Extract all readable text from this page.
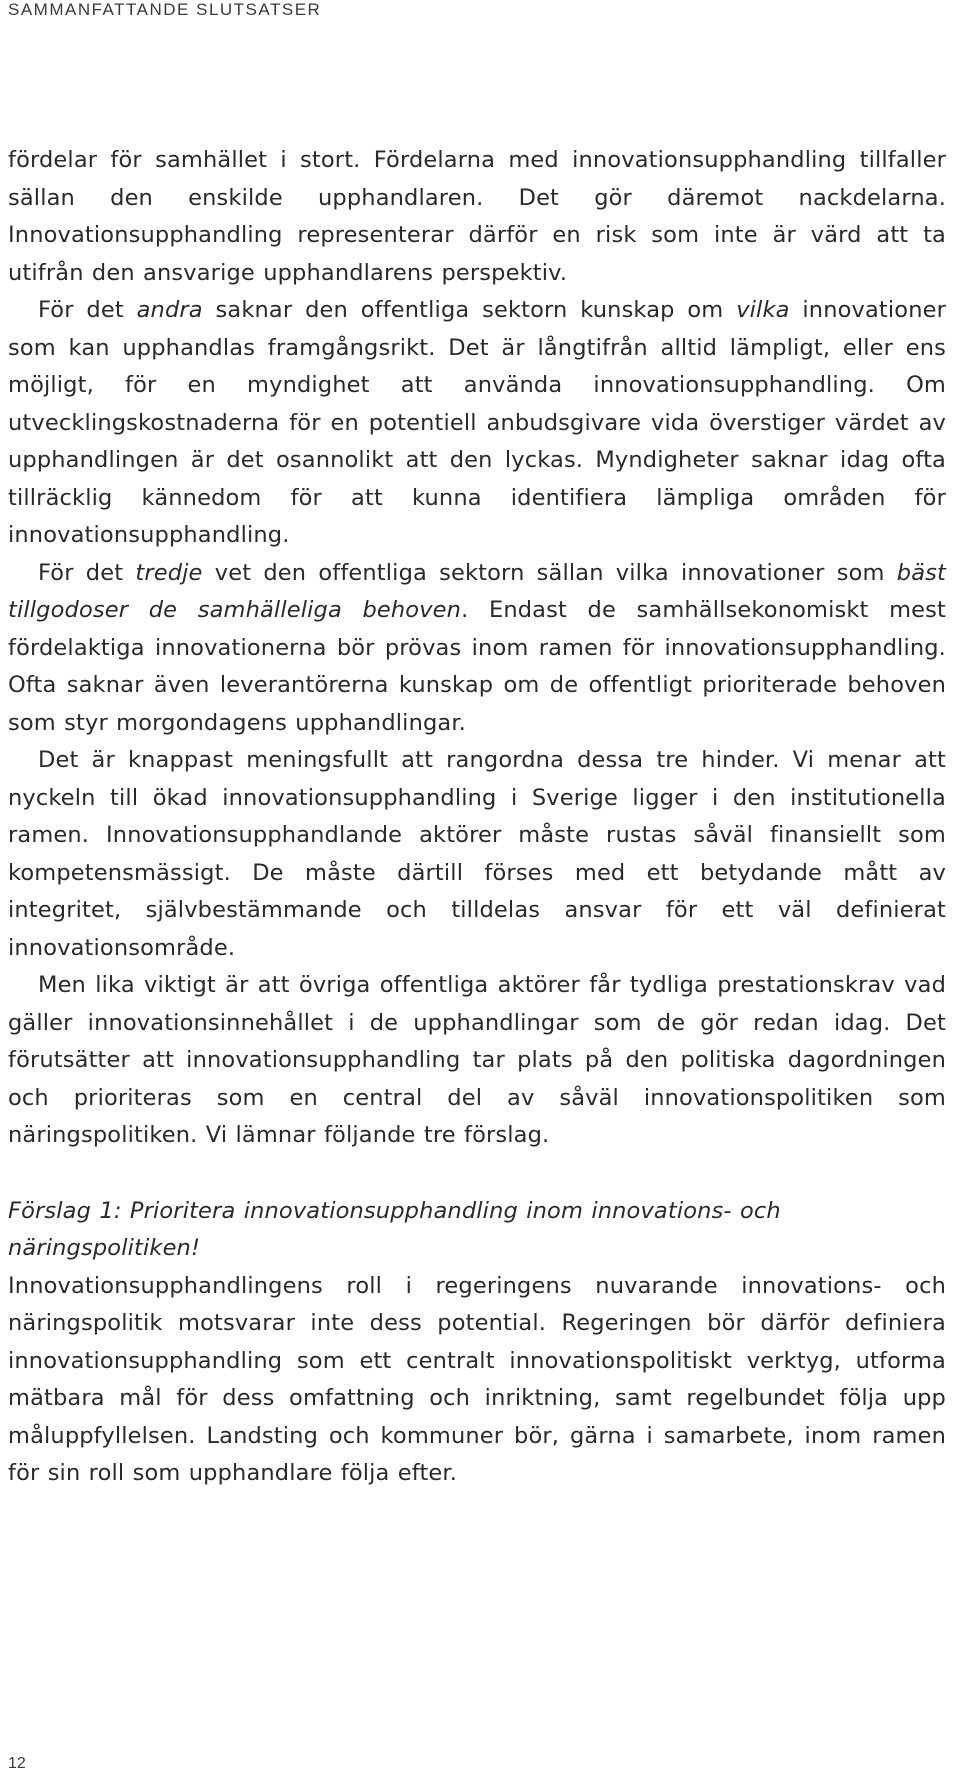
SAMMANFATTANDE SLUTSATSER

fördelar för samhället i stort. Fördelarna med innovationsupphandling tillfaller sällan den enskilde upphandlaren. Det gör däremot nackdelarna. Innovationsupphandling representerar därför en risk som inte är värd att ta utifrån den ansvarige upphandlarens perspektiv.

För det andra saknar den offentliga sektorn kunskap om vilka innovationer som kan upphandlas framgångsrikt. Det är långtifrån alltid lämpligt, eller ens möjligt, för en myndighet att använda innovationsupphandling. Om utvecklingskostnaderna för en potentiell anbudsgivare vida överstiger värdet av upphandlingen är det osannolikt att den lyckas. Myndigheter saknar idag ofta tillräcklig kännedom för att kunna identifiera lämpliga områden för innovationsupphandling.

För det tredje vet den offentliga sektorn sällan vilka innovationer som bäst tillgodoser de samhälleliga behoven. Endast de samhällsekonomiskt mest fördelaktiga innovationerna bör prövas inom ramen för innovationsupphandling. Ofta saknar även leverantörerna kunskap om de offentligt prioriterade behoven som styr morgondagens upphandlingar.

Det är knappast meningsfullt att rangordna dessa tre hinder. Vi menar att nyckeln till ökad innovationsupphandling i Sverige ligger i den institutionella ramen. Innovationsupphandlande aktörer måste rustas såväl finansiellt som kompetensmässigt. De måste därtill förses med ett betydande mått av integritet, självbestämmande och tilldelas ansvar för ett väl definierat innovationsområde.

Men lika viktigt är att övriga offentliga aktörer får tydliga prestationskrav vad gäller innovationsinnehållet i de upphandlingar som de gör redan idag. Det förutsätter att innovationsupphandling tar plats på den politiska dagordningen och prioriteras som en central del av såväl innovationspolitiken som näringspolitiken. Vi lämnar följande tre förslag.

Förslag 1: Prioritera innovationsupphandling inom innovations- och näringspolitiken!

Innovationsupphandlingens roll i regeringens nuvarande innovations- och näringspolitik motsvarar inte dess potential. Regeringen bör därför definiera innovationsupphandling som ett centralt innovationspolitiskt verktyg, utforma mätbara mål för dess omfattning och inriktning, samt regelbundet följa upp måluppfyllelsen. Landsting och kommuner bör, gärna i samarbete, inom ramen för sin roll som upphandlare följa efter.

12
